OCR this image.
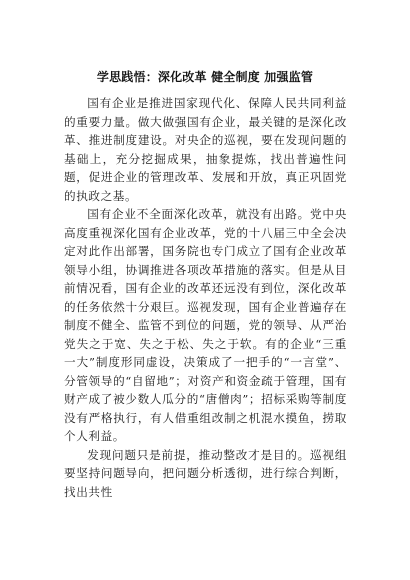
学思践悟：深化改革 健全制度 加强监管

国有企业是推进国家现代化、保障人民共同利益的重要力量。做大做强国有企业，最关键的是深化改革、推进制度建设。对央企的巡视，要在发现问题的基础上，充分挖掘成果，抽象提炼，找出普遍性问题，促进企业的管理改革、发展和开放，真正巩固党的执政之基。

国有企业不全面深化改革，就没有出路。党中央高度重视深化国有企业改革，党的十八届三中全会决定对此作出部署，国务院也专门成立了国有企业改革领导小组，协调推进各项改革措施的落实。但是从目前情况看，国有企业的改革还远没有到位，深化改革的任务依然十分艰巨。巡视发现，国有企业普遍存在制度不健全、监管不到位的问题，党的领导、从严治党失之于宽、失之于松、失之于软。有的企业“三重一大”制度形同虚设，决策成了一把手的“一言堂”、分管领导的“自留地”；对资产和资金疏于管理，国有财产成了被少数人瓜分的“唐僧肉”；招标采购等制度没有严格执行，有人借重组改制之机混水摸鱼，捞取个人利益。

发现问题只是前提，推动整改才是目的。巡视组要坚持问题导向，把问题分析透彻，进行综合判断，找出共性
